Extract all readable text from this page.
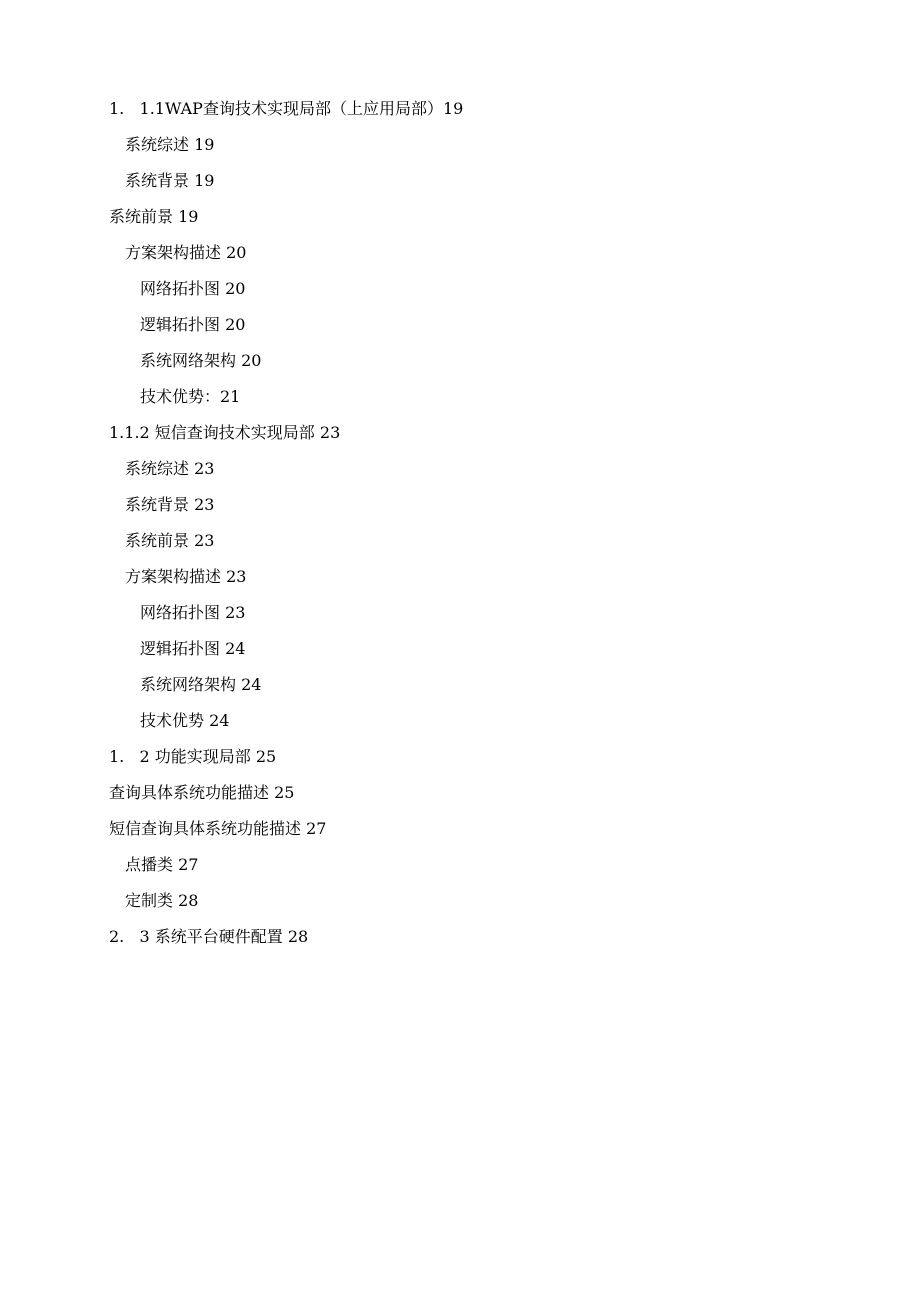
1.   1.1WAP查询技术实现局部（上应用局部）19
系统综述 19
系统背景 19
系统前景 19
方案架构描述 20
网络拓扑图 20
逻辑拓扑图 20
系统网络架构 20
技术优势：21
1.1.2 短信查询技术实现局部 23
系统综述 23
系统背景 23
系统前景 23
方案架构描述 23
网络拓扑图 23
逻辑拓扑图 24
系统网络架构 24
技术优势 24
1.   2 功能实现局部 25
查询具体系统功能描述 25
短信查询具体系统功能描述 27
点播类 27
定制类 28
2.   3 系统平台硬件配置 28
